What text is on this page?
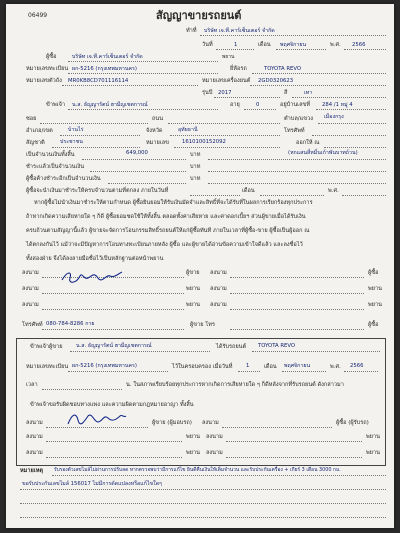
06499	สัญญาขายรถยนต์
ทำที่ บริษัท เจ.ที.คาร์เซ็นเตอร์ จำกัด
วันที่	1	เดือน พฤศจิกายน	พ.ศ. 2566
ผู้ซื้อ	บริษัท เจ.ที.คาร์เซ็นเตอร์ จำกัด	พยาน
หมายเลขทะเบียน ผก-5216 (กรุงเทพมหานคร)	ยี่ห้อรถ	TOYOTA REVO
หมายเลขเครื่องยนต์ 2GD0320623
หมายเลขตัวถัง MR0KB8CD701116114
รุ่นปี 2017	สี	เทา
ข้าพเจ้า น.ส. ธัญญารัตน์ ฮามีญเชตการณ์	อายุ	0	อยู่บ้านเลขที่ 284 /1 หมู่ 4
ซอย	ถนน	ตำบล/แขวง เมืองกรุง
อำเภอ/เขต	บ้านไร่	จังหวัด	อุทัยธานี	โทรศัพท์
สัญชาติ	ประชาชน	หมายเลข 1610100152092	ออกให้ ณ
เป็นจำนวนเงินทั้งสิ้น	649,000	บาท	(หกแสนสี่หมื่นเก้าพันบาทถ้วน)
ชำระแล้วเป็นจำนวนเงิน	บาท
ผู้ซื้อค้างชำระอีกเป็นจำนวนเงิน	บาท
ผู้ซื้อจะนำเงินมาชำระให้ครบจำนวนตามที่ตกลง ภายในวันที่	เดือน	พ.ศ.
หากผู้ซื้อไม่นำเงินมาชำระให้ตามกำหนด ผู้ซื้อยินยอมให้รับเงินมัดจำและสิทธิ์ที่จะได้รับที่ในผลการเรียกร้องทุกประการ
ถ้าหากเกิดความเสียหายใด ๆ ก็ดี ผู้ซื้อยอมชดใช้ให้ทั้งสิ้น ตลอดทั้งค่าเสียหาย และค่าดอกเบี้ยฯ ส่วนผู้ขายเมื่อได้รับเงิน
ครบถ้วนตามสัญญานี้แล้ว ผู้ขายจะจัดการโอนกรรมสิทธิ์รถยนต์ให้แก่ผู้ซื้อทันที ภายในเวลาที่ผู้ซื้อ-ขาย ผู้ซื้อเป็นผู้ออก ณ
ได้ตกลงกันไว้ แม้ว่าจะมีปัญหาการโอนทางทะเบียนภายหลัง ผู้ซื้อ และผู้ขายได้อ่านข้อความเข้าใจดีแล้ว และลงชื่อไว้
ทั้งสองฝ่าย จึงได้ลงลายมือชื่อไว้เป็นหลักฐานต่อหน้าพยาน
ลงนาม	ผู้ขาย ลงนาม	ผู้ซื้อ
ลงนาม	พยาน ลงนาม	พยาน
ลงนาม	พยาน ลงนาม	พยาน
โทรศัพท์ 080-784-8286 กาย	ผู้ขาย โทร	ผู้ซื้อ
ข้าพเจ้าผู้ขาย	น.ส. ธัญญารัตน์ ฮามีญเชตการณ์	ได้รับรถยนต์ TOYOTA REVO
หมายเลขทะเบียน ผก-5216 (กรุงเทพมหานคร)	ไว้ในครอบครอง เมื่อวันที่	1	เดือน พฤศจิกายน	พ.ศ. 2566
เวลา	น. ในสภาพเรียบร้อยทุกประการหากเกิดการเสียหายใด ๆ ก็ดีหลังจากที่รับรถยนต์ ดังกล่าวมา
ข้าพเจ้าขอรับผิดชอบทางแพ่ง และความผิดตามกฎหมายอาญา ทั้งสิ้น
ลงนาม	ผู้ขาย (ผู้มอบรถ) ลงนาม	ผู้ซื้อ (ผู้รับรถ)
ลงนาม	พยาน ลงนาม	พยาน
ลงนาม	พยาน ลงนาม	พยาน
หมายเหตุ รับรองตัวเลขไมล์ไม่ผ่านการปรับลด หากตรวจพบว่ามีการแก้ไข ยินดีคืนเงินให้เต็มจำนวน และรับประกันเครื่อง + เกียร์ 3 เดือน 3000 กม.
ขอรับประกันเลขไมล์ 156017 ไม่มีการดัดแปลงหรือแก้ไขใดๆ
